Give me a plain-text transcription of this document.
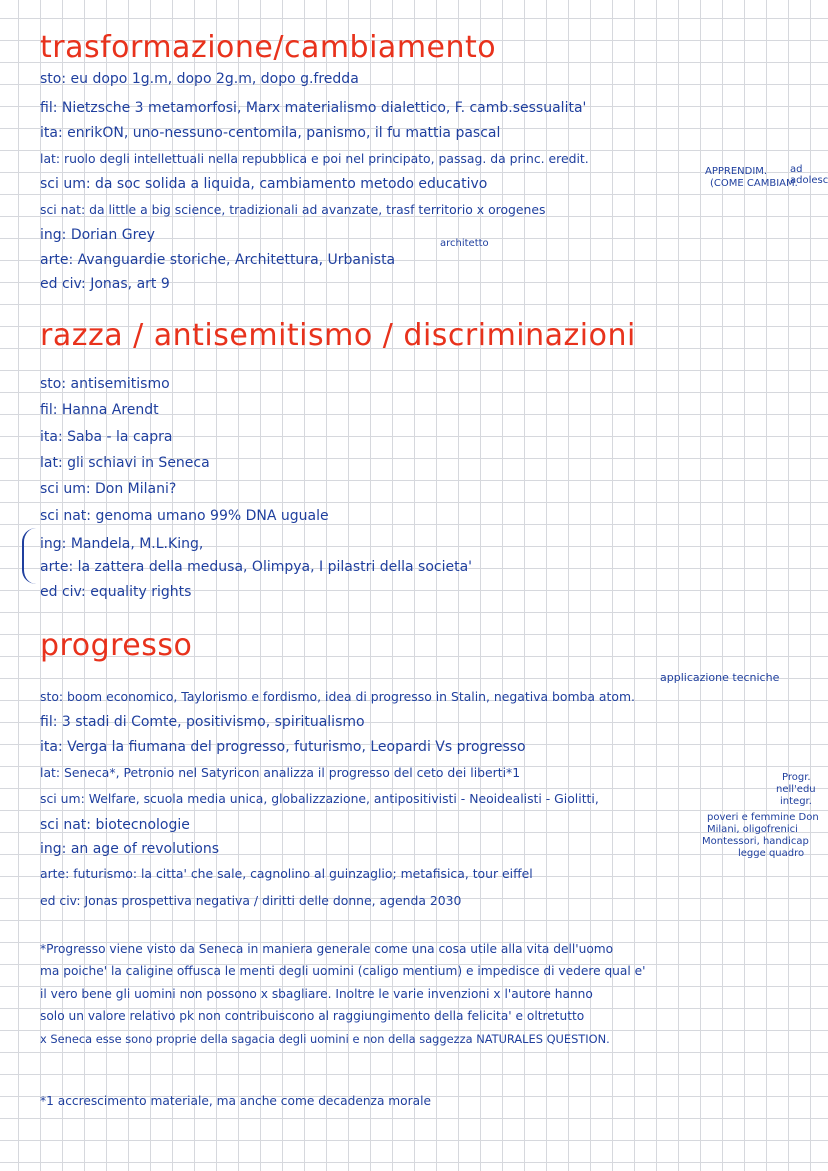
trasformazione/cambiamento
sto: eu dopo 1g.m, dopo 2g.m, dopo g.fredda
fil: Nietzsche 3 metamorfosi, Marx materialismo dialettico, F. camb.sessualita'
ita: enrikON, uno-nessuno-centomila, panismo, il fu mattia pascal
lat: ruolo degli intellettuali nella repubblica e poi nel principato, passag. da princ. eredit.
sci um: da soc solida a liquida, cambiamento metodo educativo
sci nat: da little a big science, tradizionali ad avanzate, trasf territorio x orogenes
ing: Dorian Grey
arte: Avanguardie storiche, Architettura, Urbanista
ed civ: Jonas, art 9
APPRENDIM.
(COME CAMBIAM.
ad adolesc
architetto
razza / antisemitismo / discriminazioni
sto: antisemitismo
fil: Hanna Arendt
ita: Saba - la capra
lat: gli schiavi in Seneca
sci um: Don Milani?
sci nat: genoma umano 99% DNA uguale
ing: Mandela, M.L.King,
arte: la zattera della medusa, Olimpya, I pilastri della societa'
ed civ: equality rights
progresso
applicazione tecniche
sto: boom economico, Taylorismo e fordismo, idea di progresso in Stalin, negativa bomba atom.
fil: 3 stadi di Comte, positivismo, spiritualismo
ita: Verga la fiumana del progresso, futurismo, Leopardi Vs progresso
lat: Seneca*, Petronio nel Satyricon analizza il progresso del ceto dei liberti*1
sci um: Welfare, scuola media unica, globalizzazione, antipositivisti - Neoidealisti - Giolitti,
sci nat: biotecnologie
ing: an age of revolutions
arte: futurismo: la citta' che sale, cagnolino al guinzaglio; metafisica, tour eiffel
ed civ: Jonas prospettiva negativa / diritti delle donne, agenda 2030
Progr.
nell'edu
integr.
poveri e femmine Don
Milani, oligofrenici
Montessori, handicap
legge quadro
*Progresso viene visto da Seneca in maniera generale come una cosa utile alla vita dell'uomo
ma poiche' la caligine offusca le menti degli uomini (caligo mentium) e impedisce di vedere qual e'
il vero bene gli uomini non possono x sbagliare. Inoltre le varie invenzioni x l'autore hanno
solo un valore relativo pk non contribuiscono al raggiungimento della felicita' e oltretutto
x Seneca esse sono proprie della sagacia degli uomini e non della saggezza NATURALES QUESTION.
*1 accrescimento materiale, ma anche come decadenza morale
